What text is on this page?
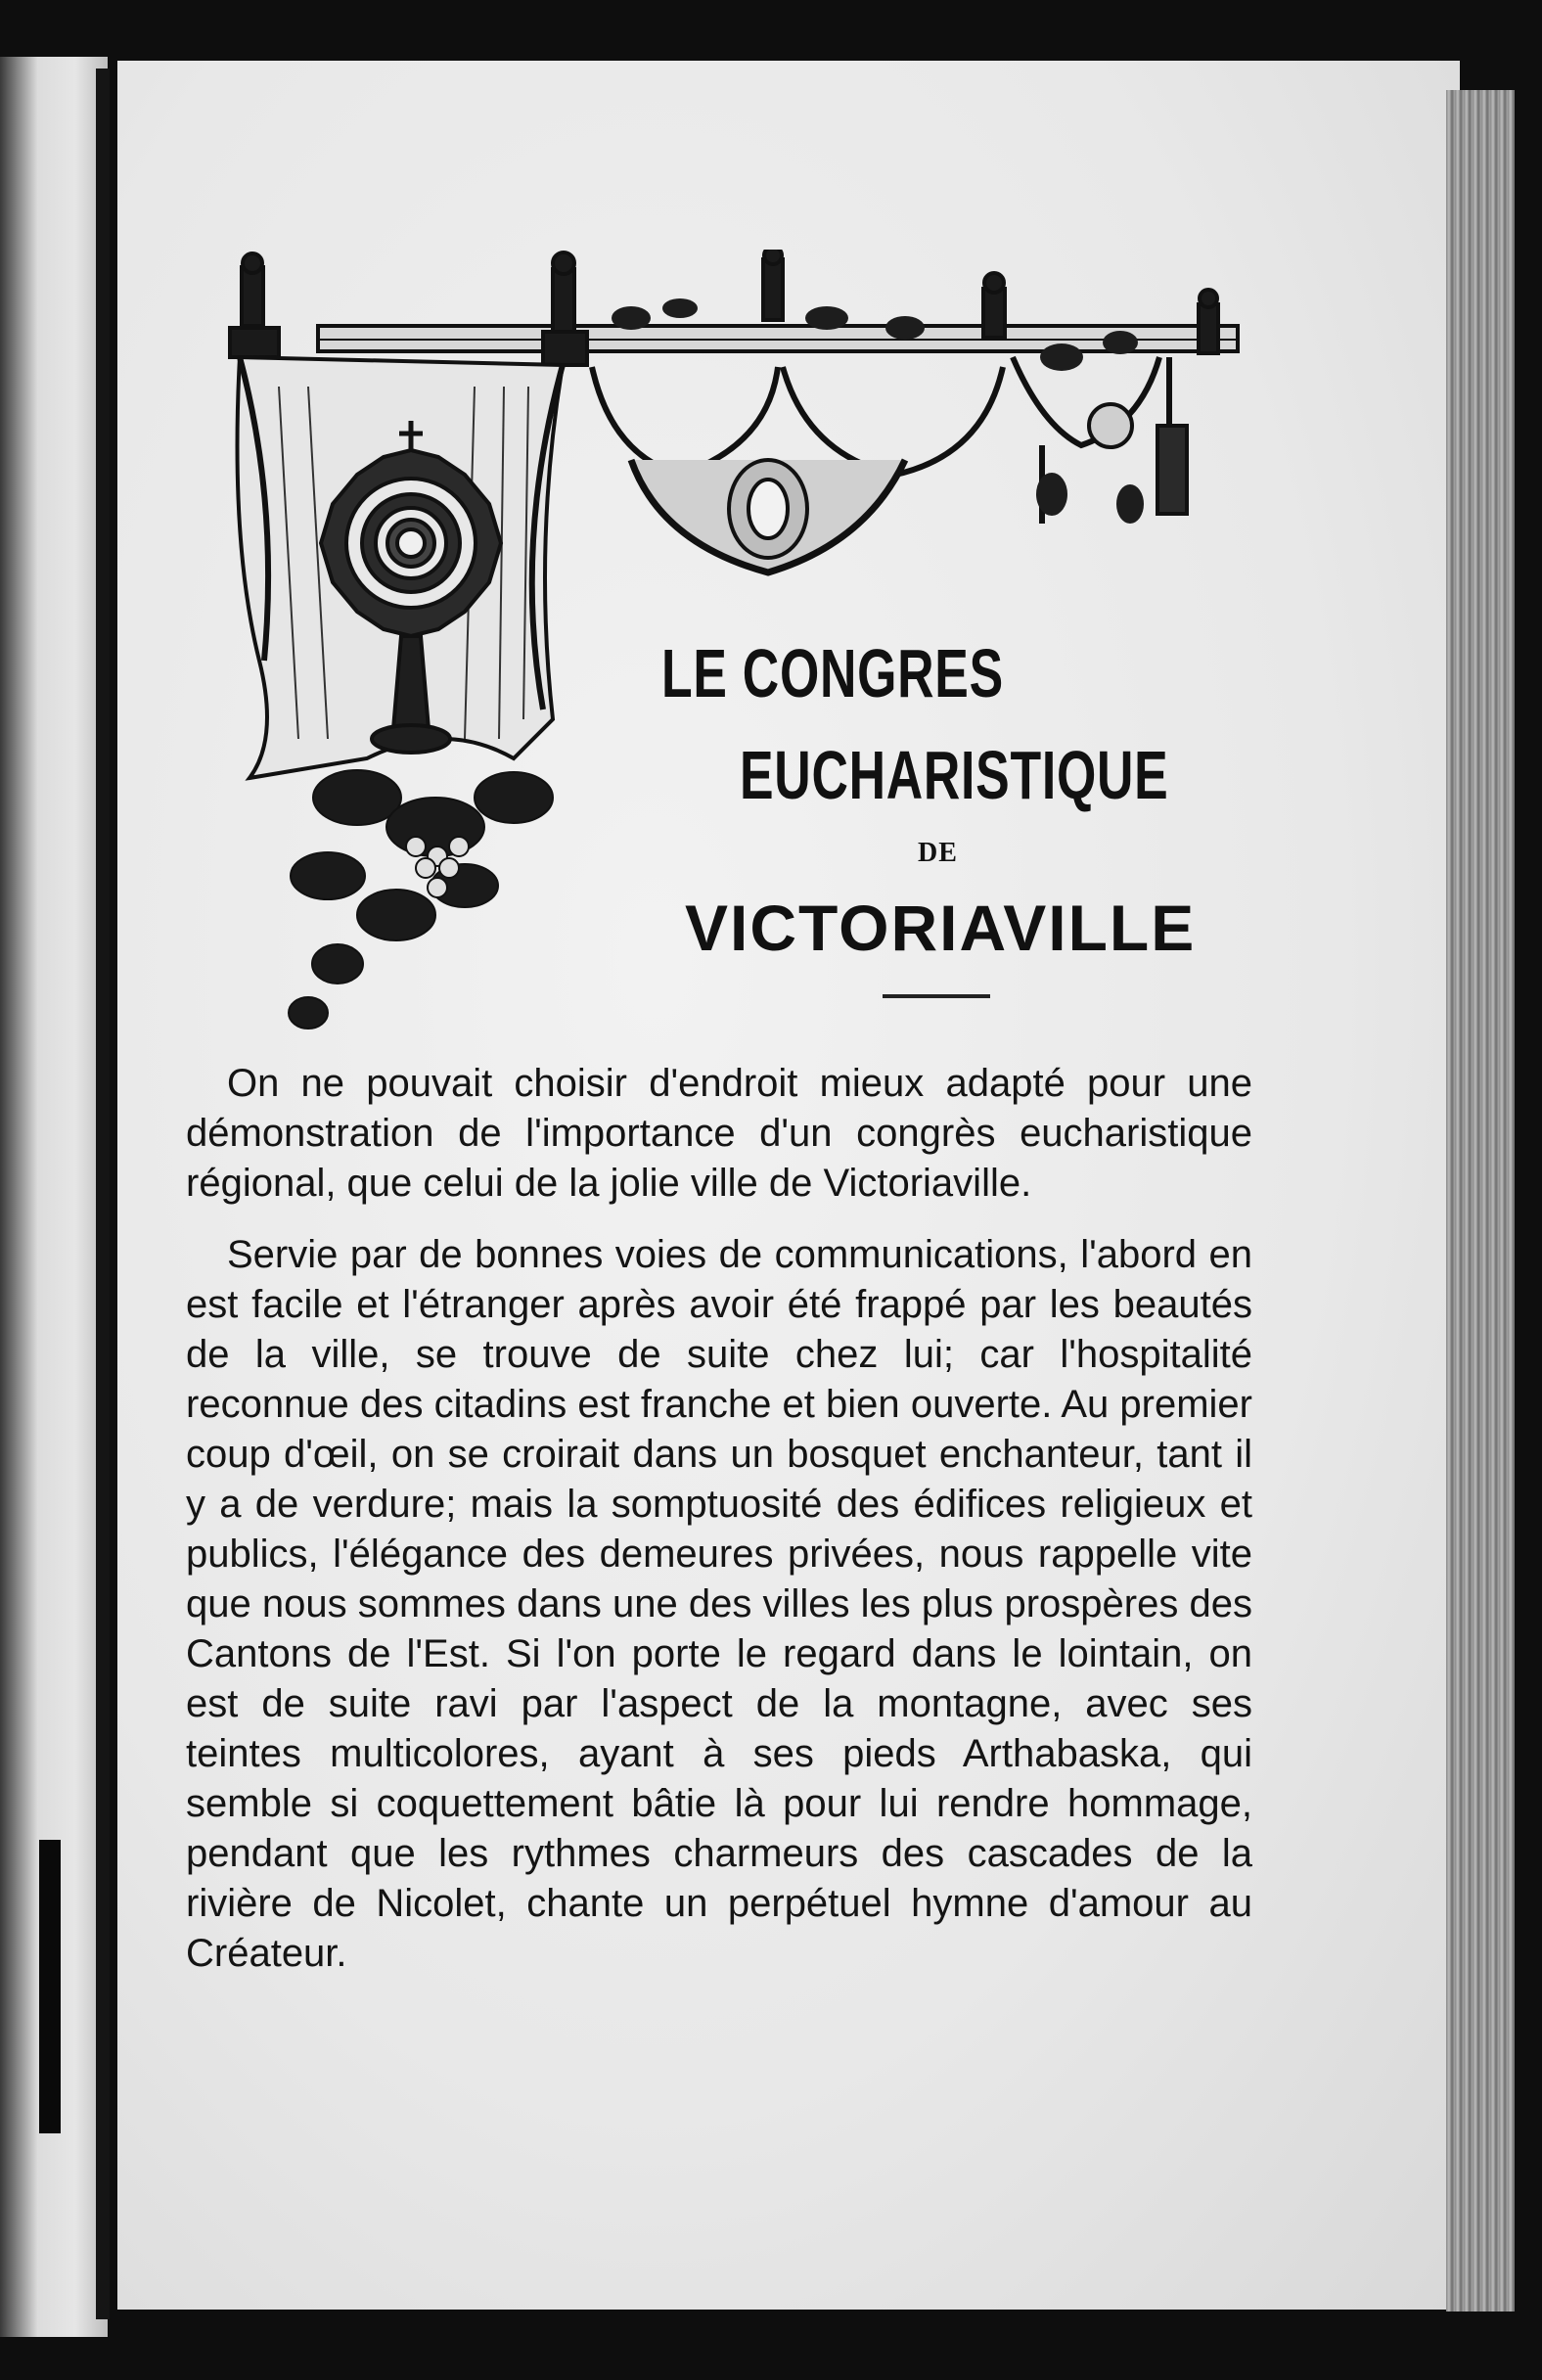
LE CONGRES
EUCHARISTIQUE
DE
VICTORIAVILLE

On ne pouvait choisir d'endroit mieux adapté pour une démonstration de l'importance d'un congrès eucharistique régional, que celui de la jolie ville de Victoriaville.

Servie par de bonnes voies de communications, l'abord en est facile et l'étranger après avoir été frappé par les beautés de la ville, se trouve de suite chez lui; car l'hospitalité reconnue des citadins est franche et bien ouverte. Au premier coup d'œil, on se croirait dans un bosquet enchanteur, tant il y a de verdure; mais la somptuosité des édifices religieux et publics, l'élégance des demeures privées, nous rappelle vite que nous sommes dans une des villes les plus prospères des Cantons de l'Est. Si l'on porte le regard dans le lointain, on est de suite ravi par l'aspect de la montagne, avec ses teintes multicolores, ayant à ses pieds Arthabaska, qui semble si coquettement bâtie là pour lui rendre hommage, pendant que les rythmes charmeurs des cascades de la rivière de Nicolet, chante un perpétuel hymne d'amour au Créateur.
